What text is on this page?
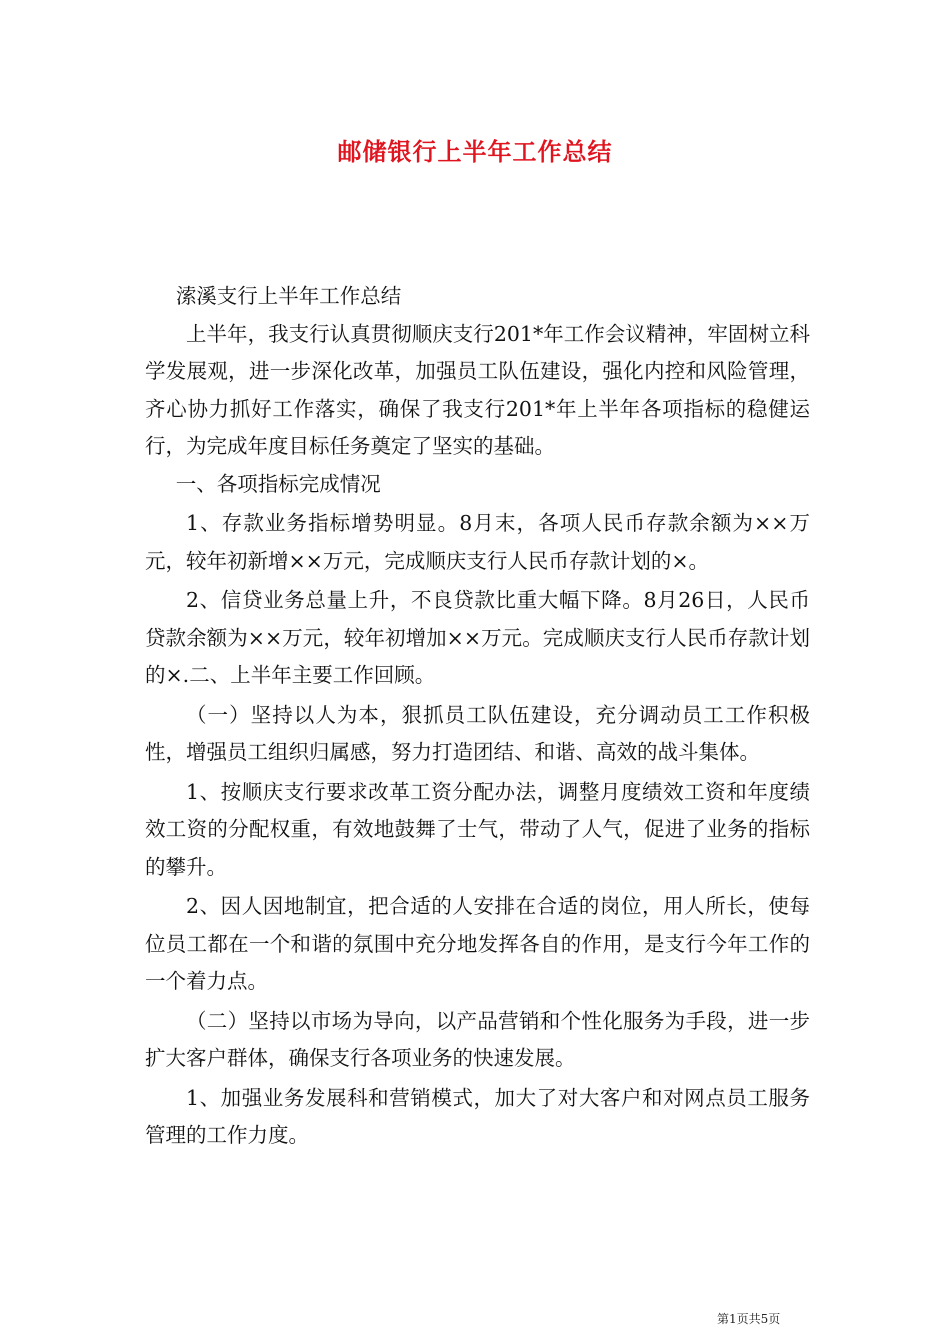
邮储银行上半年工作总结

溹溪支行上半年工作总结

上半年，我支行认真贯彻顺庆支行201*年工作会议精神，牢固树立科学发展观，进一步深化改革，加强员工队伍建设，强化内控和风险管理，齐心协力抓好工作落实，确保了我支行201*年上半年各项指标的稳健运行，为完成年度目标任务奠定了坚实的基础。

一、各项指标完成情况

1、存款业务指标增势明显。8月末，各项人民币存款余额为××万元，较年初新增××万元，完成顺庆支行人民币存款计划的×。

2、信贷业务总量上升，不良贷款比重大幅下降。8月26日，人民币贷款余额为××万元，较年初增加××万元。完成顺庆支行人民币存款计划的×.二、上半年主要工作回顾。

（一）坚持以人为本，狠抓员工队伍建设，充分调动员工工作积极性，增强员工组织归属感，努力打造团结、和谐、高效的战斗集体。

1、按顺庆支行要求改革工资分配办法，调整月度绩效工资和年度绩效工资的分配权重，有效地鼓舞了士气，带动了人气，促进了业务的指标的攀升。

2、因人因地制宜，把合适的人安排在合适的岗位，用人所长，使每位员工都在一个和谐的氛围中充分地发挥各自的作用，是支行今年工作的一个着力点。

（二）坚持以市场为导向，以产品营销和个性化服务为手段，进一步扩大客户群体，确保支行各项业务的快速发展。

1、加强业务发展科和营销模式，加大了对大客户和对网点员工服务管理的工作力度。

第1页共5页
